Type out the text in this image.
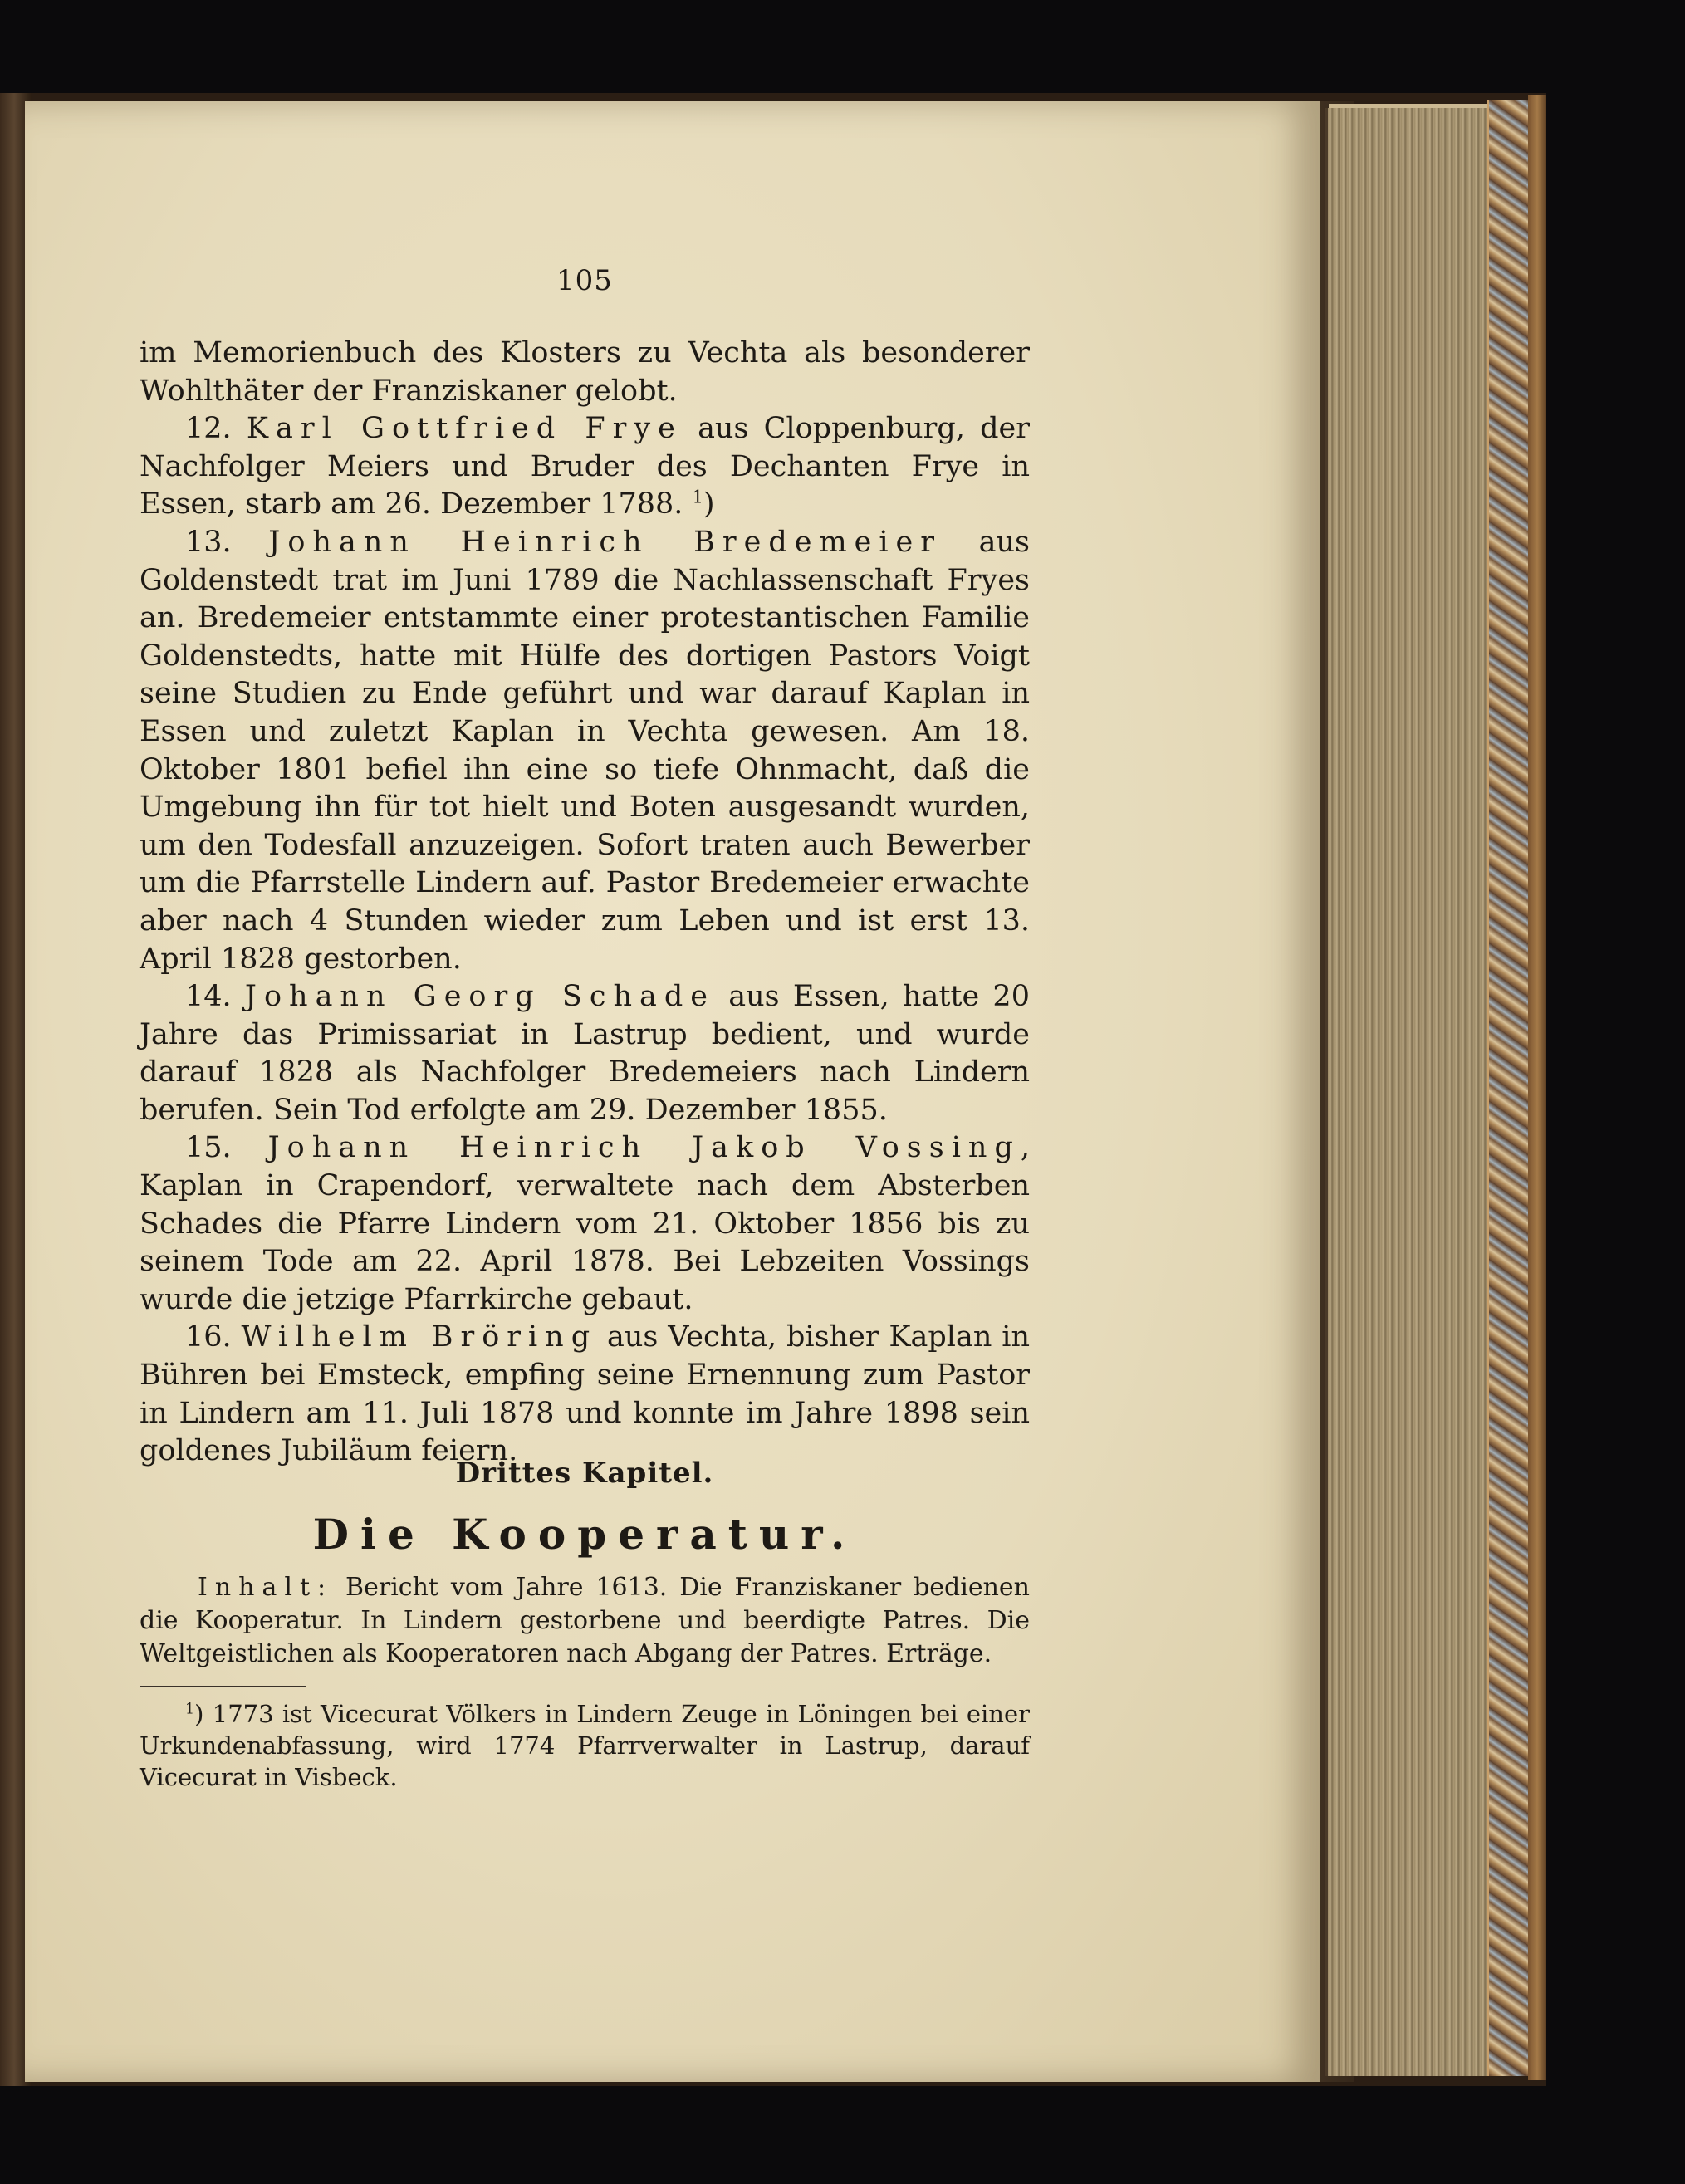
105

im Memorienbuch des Klosters zu Vechta als besonderer Wohlthäter der Franziskaner gelobt.

12. Karl Gottfried Frye aus Cloppenburg, der Nachfolger Meiers und Bruder des Dechanten Frye in Essen, starb am 26. Dezember 1788. $^1$)

13. Johann Heinrich Bredemeier aus Goldenstedt trat im Juni 1789 die Nachlassenschaft Fryes an. Bredemeier entstammte einer protestantischen Familie Goldenstedts, hatte mit Hülfe des dortigen Pastors Voigt seine Studien zu Ende geführt und war darauf Kaplan in Essen und zuletzt Kaplan in Vechta gewesen. Am 18. Oktober 1801 befiel ihn eine so tiefe Ohnmacht, daß die Umgebung ihn für tot hielt und Boten ausgesandt wurden, um den Todesfall anzuzeigen. Sofort traten auch Bewerber um die Pfarrstelle Lindern auf. Pastor Bredemeier erwachte aber nach 4 Stunden wieder zum Leben und ist erst 13. April 1828 gestorben.

14. Johann Georg Schade aus Essen, hatte 20 Jahre das Primissariat in Lastrup bedient, und wurde darauf 1828 als Nachfolger Bredemeiers nach Lindern berufen. Sein Tod erfolgte am 29. Dezember 1855.

15. Johann Heinrich Jakob Vossing, Kaplan in Crapendorf, verwaltete nach dem Absterben Schades die Pfarre Lindern vom 21. Oktober 1856 bis zu seinem Tode am 22. April 1878. Bei Lebzeiten Vossings wurde die jetzige Pfarrkirche gebaut.

16. Wilhelm Bröring aus Vechta, bisher Kaplan in Bühren bei Emsteck, empfing seine Ernennung zum Pastor in Lindern am 11. Juli 1878 und konnte im Jahre 1898 sein goldenes Jubiläum feiern.

Drittes Kapitel.
Die Kooperatur.

Inhalt: Bericht vom Jahre 1613. Die Franziskaner bedienen die Kooperatur. In Lindern gestorbene und beerdigte Patres. Die Weltgeistlichen als Kooperatoren nach Abgang der Patres. Erträge.

$^1$) 1773 ist Vicecurat Völkers in Lindern Zeuge in Löningen bei einer Urkundenabfassung, wird 1774 Pfarrverwalter in Lastrup, darauf Vicecurat in Visbeck.
